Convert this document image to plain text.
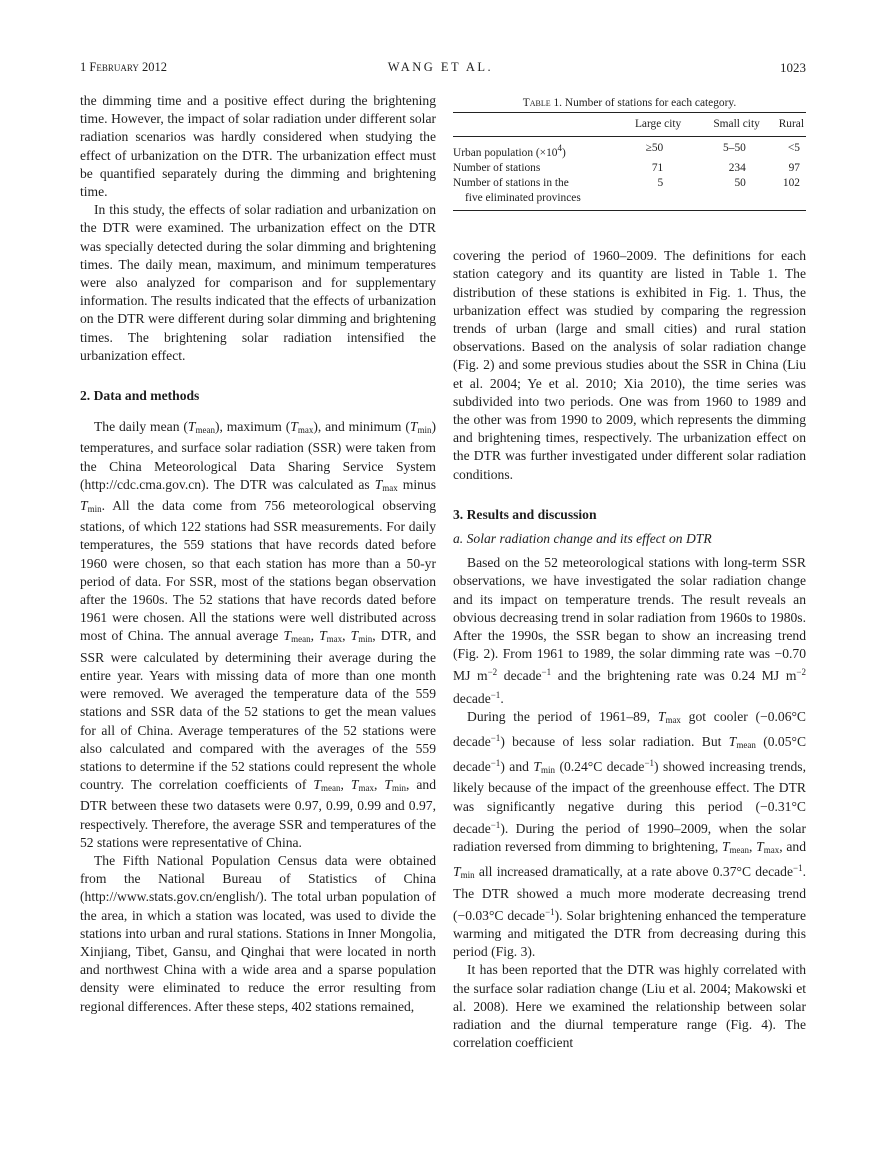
1 February 2012	WANG ET AL.	1023

the dimming time and a positive effect during the brightening time. However, the impact of solar radiation under different solar radiation scenarios was hardly considered when studying the effect of urbanization on the DTR. The urbanization effect must be quantified separately during the dimming and brightening time.

In this study, the effects of solar radiation and urbanization on the DTR were examined. The urbanization effect on the DTR was specially detected during the solar dimming and brightening times. The daily mean, maximum, and minimum temperatures were also analyzed for comparison and for supplementary information. The results indicated that the effects of urbanization on the DTR were different during solar dimming and brightening times. The brightening solar radiation intensified the urbanization effect.

2. Data and methods

The daily mean $(T_{mean})$, maximum $(T_{max})$, and minimum $(T_{min})$ temperatures, and surface solar radiation (SSR) were taken from the China Meteorological Data Sharing Service System (http://cdc.cma.gov.cn). The DTR was calculated as $T_{max}$ minus $T_{min}$. All the data come from 756 meteorological observing stations, of which 122 stations had SSR measurements. For daily temperatures, the 559 stations that have records dated before 1960 were chosen, so that each station has more than a 50-yr period of data. For SSR, most of the stations began observation after the 1960s. The 52 stations that have records dated before 1961 were chosen. All the stations were well distributed across most of China. The annual average $T_{mean}$, $T_{max}$, $T_{min}$, DTR, and SSR were calculated by determining their average during the entire year. Years with missing data of more than one month were removed. We averaged the temperature data of the 559 stations and SSR data of the 52 stations to get the mean values for all of China. Average temperatures of the 52 stations were also calculated and compared with the averages of the 559 stations to determine if the 52 stations could represent the whole country. The correlation coefficients of $T_{mean}$, $T_{max}$, $T_{min}$, and DTR between these two datasets were 0.97, 0.99, 0.99 and 0.97, respectively. Therefore, the average SSR and temperatures of the 52 stations were representative of China.

The Fifth National Population Census data were obtained from the National Bureau of Statistics of China (http://www.stats.gov.cn/english/). The total urban population of the area, in which a station was located, was used to divide the stations into urban and rural stations. Stations in Inner Mongolia, Xinjiang, Tibet, Gansu, and Qinghai that were located in north and northwest China with a wide area and a sparse population density were eliminated to reduce the error resulting from regional differences. After these steps, 402 stations remained,

Table 1. Number of stations for each category.

	Large city	Small city	Rural
Urban population $(\times 10^4)$	≥50	5–50	<5
Number of stations	71	234	97
Number of stations in the
five eliminated provinces	5	50	102

covering the period of 1960–2009. The definitions for each station category and its quantity are listed in Table 1. The distribution of these stations is exhibited in Fig. 1. Thus, the urbanization effect was studied by comparing the regression trends of urban (large and small cities) and rural station observations. Based on the analysis of solar radiation change (Fig. 2) and some previous studies about the SSR in China (Liu et al. 2004; Ye et al. 2010; Xia 2010), the time series was subdivided into two periods. One was from 1960 to 1989 and the other was from 1990 to 2009, which represents the dimming and brightening times, respectively. The urbanization effect on the DTR was further investigated under different solar radiation conditions.

3. Results and discussion

a. Solar radiation change and its effect on DTR

Based on the 52 meteorological stations with long-term SSR observations, we have investigated the solar radiation change and its impact on temperature trends. The result reveals an obvious decreasing trend in solar radiation from 1960s to 1980s. After the 1990s, the SSR began to show an increasing trend (Fig. 2). From 1961 to 1989, the solar dimming rate was −0.70 MJ $m^{-2}$ decade$^{-1}$ and the brightening rate was 0.24 MJ $m^{-2}$ decade$^{-1}$.

During the period of 1961–89, $T_{max}$ got cooler (−0.06°C decade$^{-1}$) because of less solar radiation. But $T_{mean}$ (0.05°C decade$^{-1}$) and $T_{min}$ (0.24°C decade$^{-1}$) showed increasing trends, likely because of the impact of the greenhouse effect. The DTR was significantly negative during this period (−0.31°C decade$^{-1}$). During the period of 1990–2009, when the solar radiation reversed from dimming to brightening, $T_{mean}$, $T_{max}$, and $T_{min}$ all increased dramatically, at a rate above 0.37°C decade$^{-1}$. The DTR showed a much more moderate decreasing trend (−0.03°C decade$^{-1}$). Solar brightening enhanced the temperature warming and mitigated the DTR from decreasing during this period (Fig. 3).

It has been reported that the DTR was highly correlated with the surface solar radiation change (Liu et al. 2004; Makowski et al. 2008). Here we examined the relationship between solar radiation and the diurnal temperature range (Fig. 4). The correlation coefficient
